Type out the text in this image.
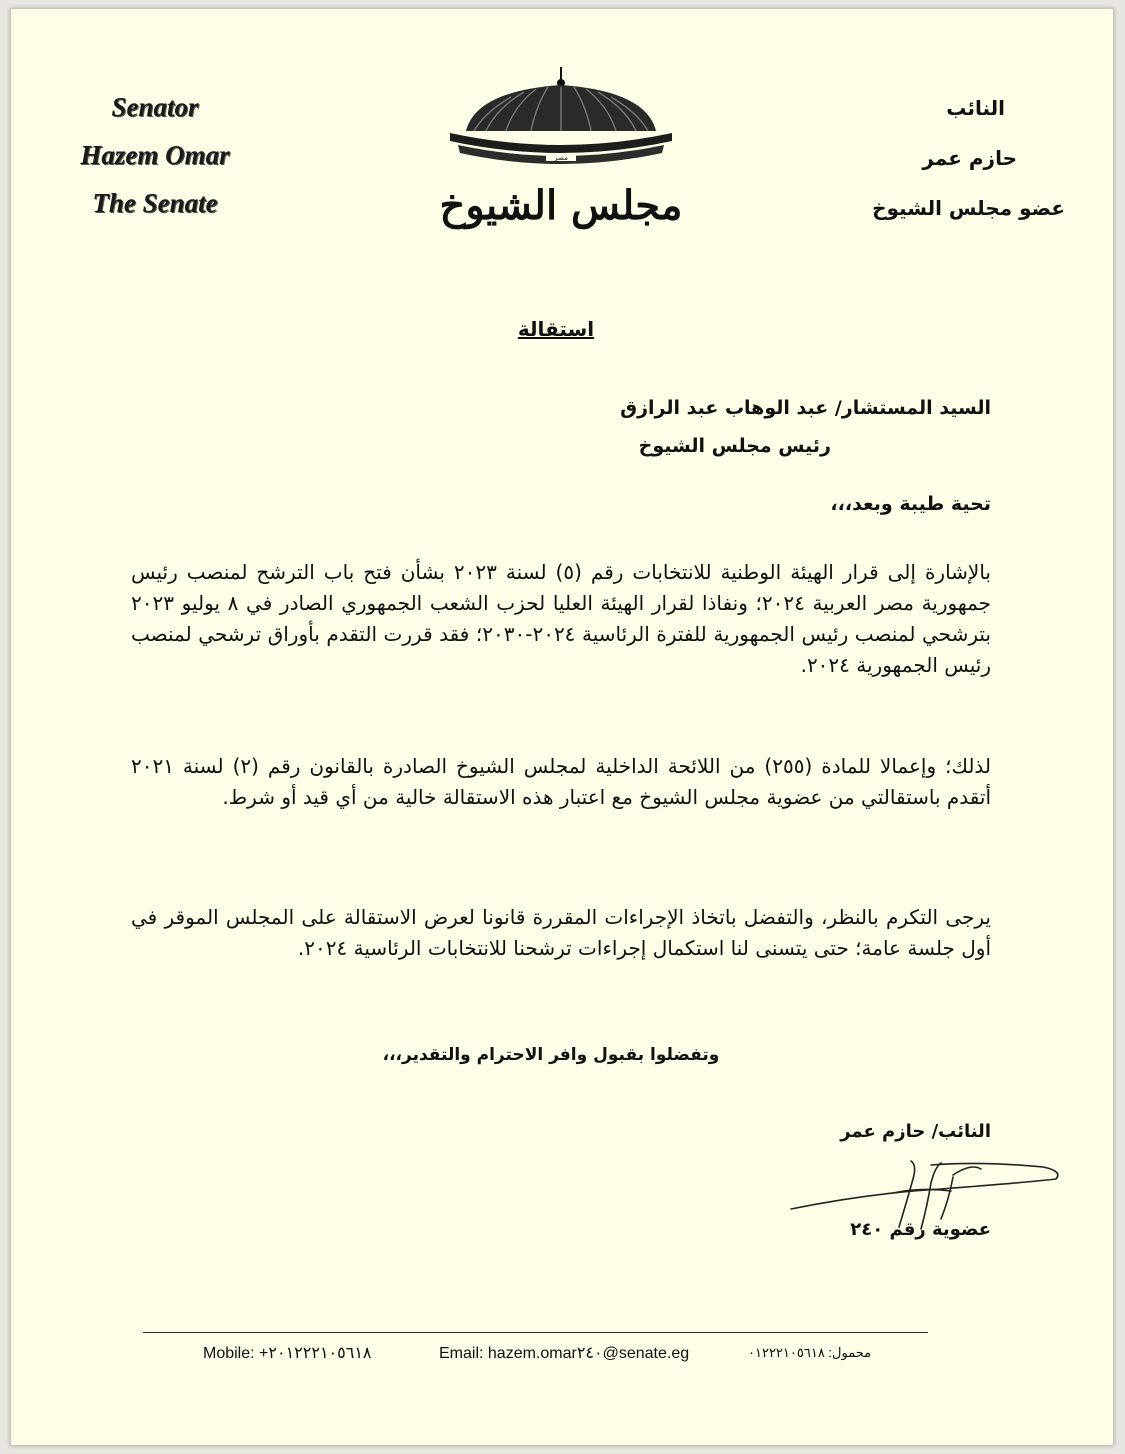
Senator
Hazem Omar
The Senate
مصر
مجلس الشيوخ
النائب
حازم عمر
عضو مجلس الشيوخ
استقالة
السيد المستشار/ عبد الوهاب عبد الرازق
رئيس مجلس الشيوخ
تحية طيبة وبعد،،،
بالإشارة إلى قرار الهيئة الوطنية للانتخابات رقم (٥) لسنة ٢٠٢٣ بشأن فتح باب الترشح لمنصب رئيس جمهورية مصر العربية ٢٠٢٤؛ ونفاذا لقرار الهيئة العليا لحزب الشعب الجمهوري الصادر في ٨ يوليو ٢٠٢٣ بترشحي لمنصب رئيس الجمهورية للفترة الرئاسية ٢٠٢٤-٢٠٣٠؛ فقد قررت التقدم بأوراق ترشحي لمنصب رئيس الجمهورية ٢٠٢٤.
لذلك؛ وإعمالا للمادة (٢٥٥) من اللائحة الداخلية لمجلس الشيوخ الصادرة بالقانون رقم (٢) لسنة ٢٠٢١ أتقدم باستقالتي من عضوية مجلس الشيوخ مع اعتبار هذه الاستقالة خالية من أي قيد أو شرط.
يرجى التكرم بالنظر، والتفضل باتخاذ الإجراءات المقررة قانونا لعرض الاستقالة على المجلس الموقر في أول جلسة عامة؛ حتى يتسنى لنا استكمال إجراءات ترشحنا للانتخابات الرئاسية ٢٠٢٤.
وتفضلوا بقبول وافر الاحترام والتقدير،،،
النائب/ حازم عمر
عضوية رقم ٢٤٠
Mobile: +٢٠١٢٢٢١٠٥٦١٨	Email: hazem.omar٢٤٠@senate.eg	محمول: ٠١٢٢٢١٠٥٦١٨
